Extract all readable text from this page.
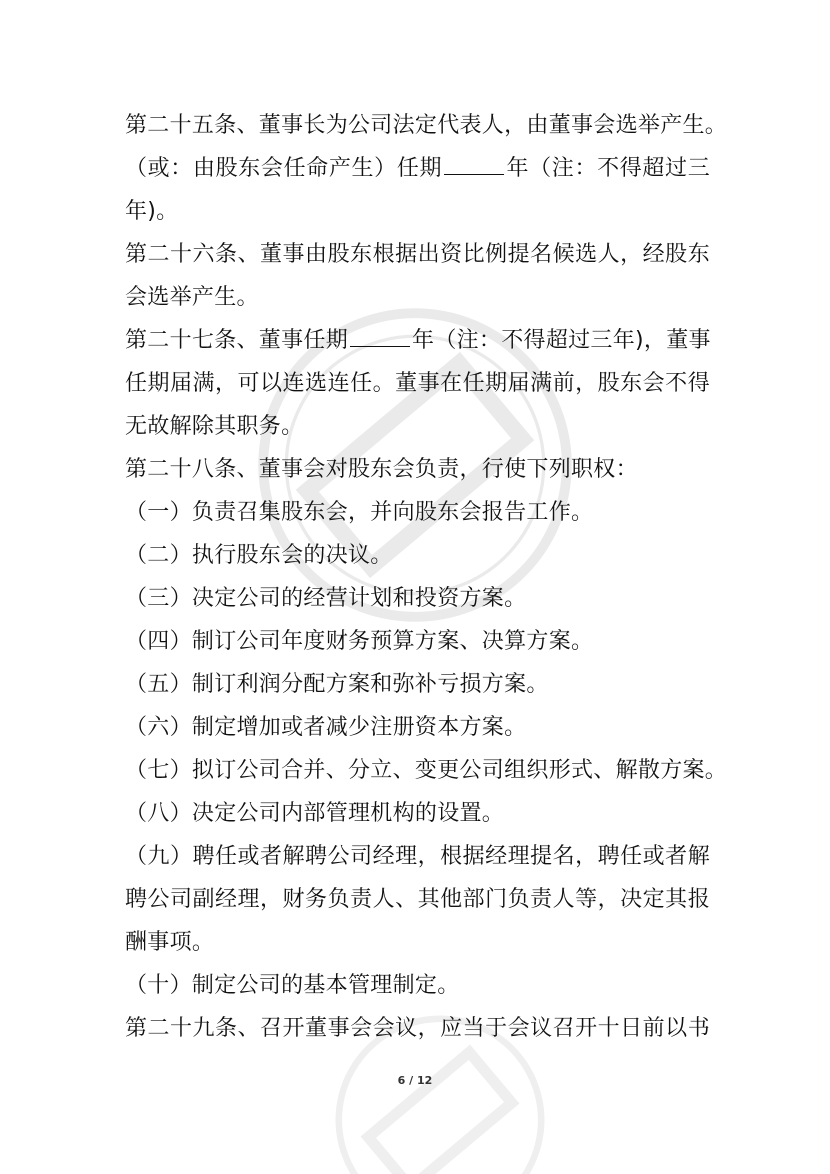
第二十五条、董事长为公司法定代表人，由董事会选举产生。
（或：由股东会任命产生）任期	年（注：不得超过三
年)。
第二十六条、董事由股东根据出资比例提名候选人，经股东
会选举产生。
第二十七条、董事任期	年（注：不得超过三年)，董事
任期届满，可以连选连任。董事在任期届满前，股东会不得
无故解除其职务。
第二十八条、董事会对股东会负责，行使下列职权：
（一）负责召集股东会，并向股东会报告工作。
（二）执行股东会的决议。
（三）决定公司的经营计划和投资方案。
（四）制订公司年度财务预算方案、决算方案。
（五）制订利润分配方案和弥补亏损方案。
（六）制定增加或者减少注册资本方案。
（七）拟订公司合并、分立、变更公司组织形式、解散方案。
（八）决定公司内部管理机构的设置。
（九）聘任或者解聘公司经理，根据经理提名，聘任或者解
聘公司副经理，财务负责人、其他部门负责人等，决定其报
酬事项。
（十）制定公司的基本管理制定。
第二十九条、召开董事会会议，应当于会议召开十日前以书
6 / 12
